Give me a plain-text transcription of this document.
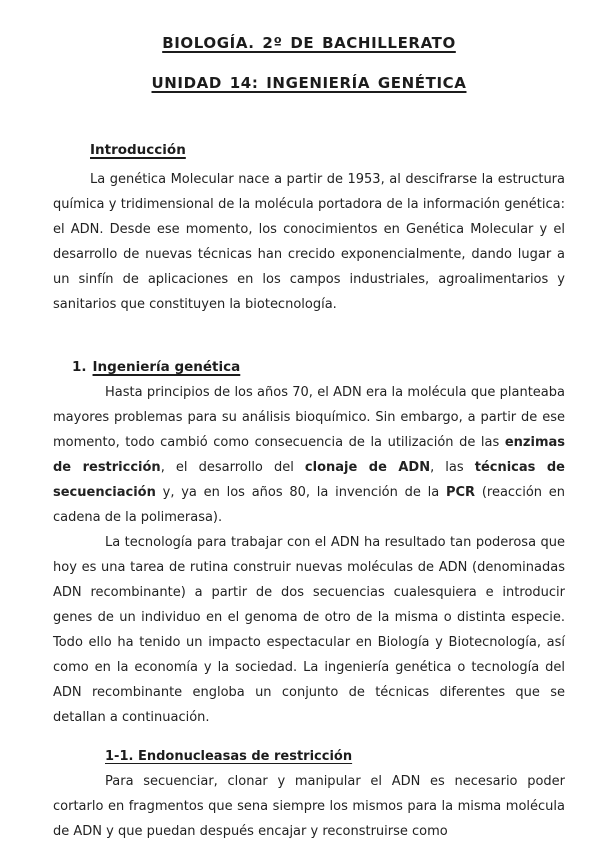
BIOLOGÍA. 2º DE BACHILLERATO
UNIDAD 14: INGENIERÍA GENÉTICA
Introducción

La genética Molecular nace a partir de 1953, al descifrarse la estructura química y tridimensional de la molécula portadora de la información genética: el ADN. Desde ese momento, los conocimientos en Genética Molecular y el desarrollo de nuevas técnicas han crecido exponencialmente, dando lugar a un sinfín de aplicaciones en los campos industriales, agroalimentarios y sanitarios que constituyen la biotecnología.

1. Ingeniería genética

Hasta principios de los años 70, el ADN era la molécula que planteaba mayores problemas para su análisis bioquímico. Sin embargo, a partir de ese momento, todo cambió como consecuencia de la utilización de las enzimas de restricción, el desarrollo del clonaje de ADN, las técnicas de secuenciación y, ya en los años 80, la invención de la PCR (reacción en cadena de la polimerasa).

La tecnología para trabajar con el ADN ha resultado tan poderosa que hoy es una tarea de rutina construir nuevas moléculas de ADN (denominadas ADN recombinante) a partir de dos secuencias cualesquiera e introducir genes de un individuo en el genoma de otro de la misma o distinta especie. Todo ello ha tenido un impacto espectacular en Biología y Biotecnología, así como en la economía y la sociedad. La ingeniería genética o tecnología del ADN recombinante engloba un conjunto de técnicas diferentes que se detallan a continuación.

1-1. Endonucleasas de restricción

Para secuenciar, clonar y manipular el ADN es necesario poder cortarlo en fragmentos que sena siempre los mismos para la misma molécula de ADN y que puedan después encajar y reconstruirse como
